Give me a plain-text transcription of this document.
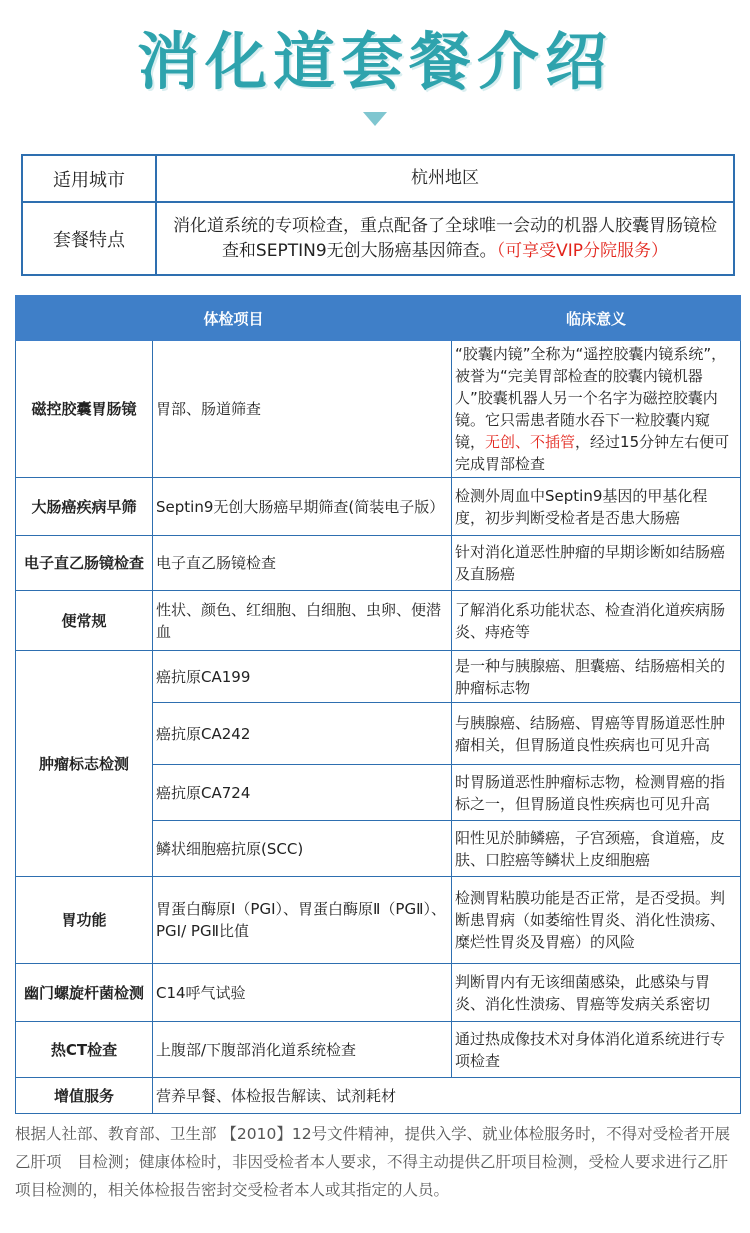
消化道套餐介绍
适用城市	杭州地区
套餐特点	消化道系统的专项检查，重点配备了全球唯一会动的机器人胶囊胃肠镜检查和SEPTIN9无创大肠癌基因筛查。（可享受VIP分院服务）
体检项目		临床意义
磁控胶囊胃肠镜	胃部、肠道筛查	“胶囊内镜”全称为“遥控胶囊内镜系统”，被誉为“完美胃部检查的胶囊内镜机器人”胶囊机器人另一个名字为磁控胶囊内镜。它只需患者随水吞下一粒胶囊内窥镜，无创、不插管，经过15分钟左右便可完成胃部检查
大肠癌疾病早筛	Septin9无创大肠癌早期筛查(简装电子版）	检测外周血中Septin9基因的甲基化程度，初步判断受检者是否患大肠癌
电子直乙肠镜检查	电子直乙肠镜检查	针对消化道恶性肿瘤的早期诊断如结肠癌及直肠癌
便常规	性状、颜色、红细胞、白细胞、虫卵、便潜血	了解消化系功能状态、检查消化道疾病肠炎、痔疮等
肿瘤标志检测	癌抗原CA199	是一种与胰腺癌、胆囊癌、结肠癌相关的肿瘤标志物
	癌抗原CA242	与胰腺癌、结肠癌、胃癌等胃肠道恶性肿瘤相关，但胃肠道良性疾病也可见升高
	癌抗原CA724	时胃肠道恶性肿瘤标志物，检测胃癌的指标之一，但胃肠道良性疾病也可见升高
	鳞状细胞癌抗原(SCC)	阳性见於肺鳞癌，子宫颈癌，食道癌，皮肤、口腔癌等鳞状上皮细胞癌
胃功能	胃蛋白酶原Ⅰ（PGⅠ）、胃蛋白酶原Ⅱ（PGⅡ）、PGⅠ/ PGⅡ比值	检测胃粘膜功能是否正常，是否受损。判断患胃病（如萎缩性胃炎、消化性溃疡、糜烂性胃炎及胃癌）的风险
幽门螺旋杆菌检测	C14呼气试验	判断胃内有无该细菌感染，此感染与胃炎、消化性溃疡、胃癌等发病关系密切
热CT检查	上腹部/下腹部消化道系统检查	通过热成像技术对身体消化道系统进行专项检查
增值服务	营养早餐、体检报告解读、试剂耗材	
根据人社部、教育部、卫生部 【2010】12号文件精神，提供入学、就业体检服务时，不得对受检者开展乙肝项　目检测；健康体检时，非因受检者本人要求，不得主动提供乙肝项目检测，受检人要求进行乙肝项目检测的，相关体检报告密封交受检者本人或其指定的人员。
